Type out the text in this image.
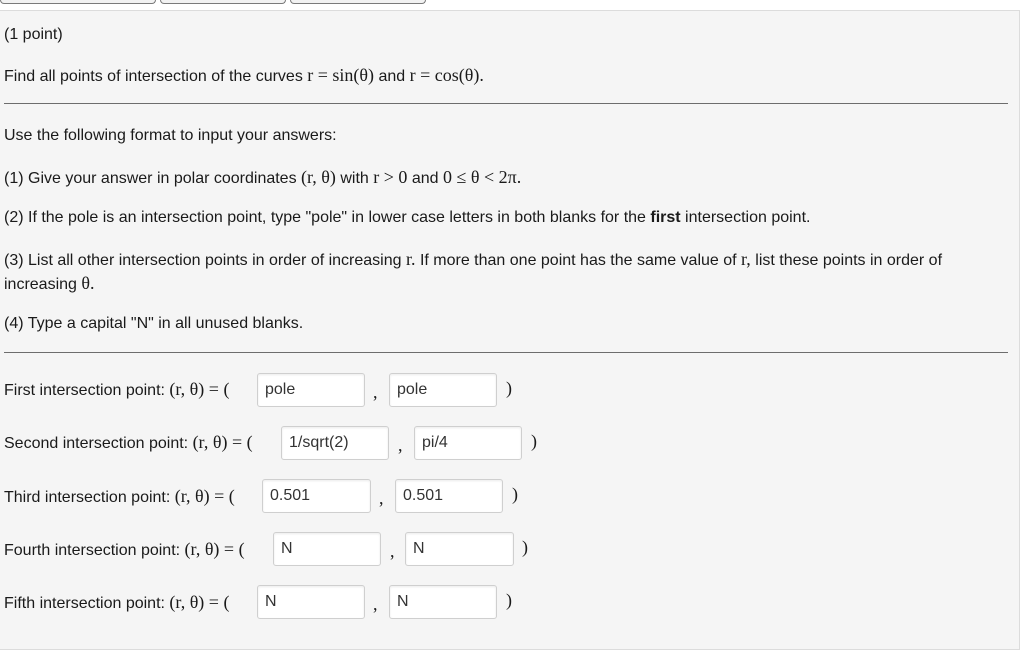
(1 point)
Find all points of intersection of the curves r = sin(θ) and r = cos(θ).
Use the following format to input your answers:
(1) Give your answer in polar coordinates (r, θ) with r > 0 and 0 ≤ θ < 2π.
(2) If the pole is an intersection point, type "pole" in lower case letters in both blanks for the first intersection point.
(3) List all other intersection points in order of increasing r. If more than one point has the same value of r, list these points in order of
increasing θ.
(4) Type a capital "N" in all unused blanks.
First intersection point: (r, θ) = (
pole	,
pole	)
Second intersection point: (r, θ) = (
1/sqrt(2)	,
pi/4	)
Third intersection point: (r, θ) = (
0.501	,
0.501	)
Fourth intersection point: (r, θ) = (
N	,
N	)
Fifth intersection point: (r, θ) = (
N	,
N	)
